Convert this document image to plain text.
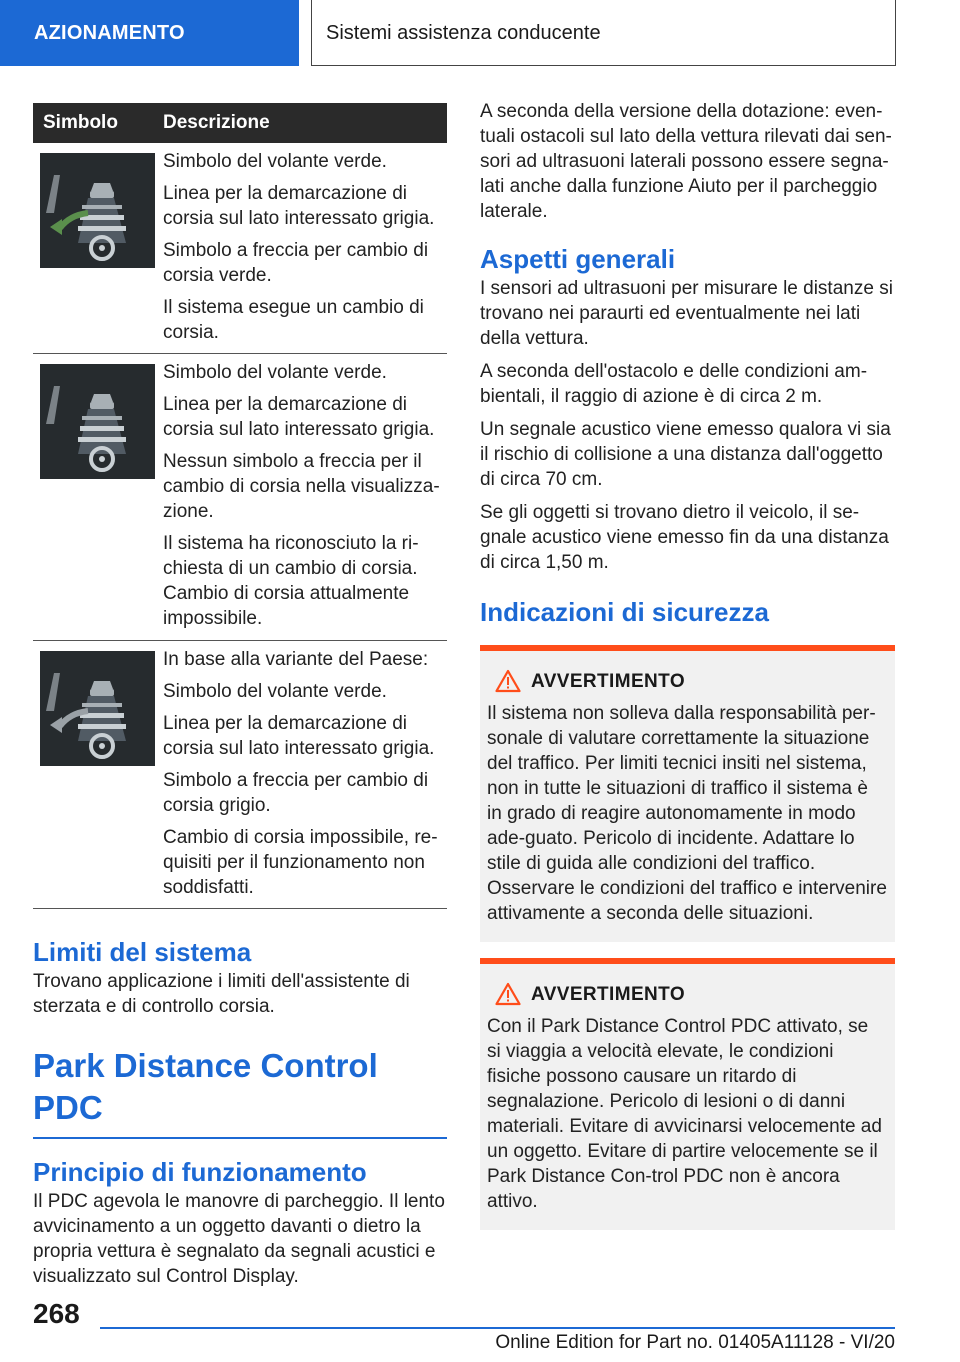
AZIONAMENTO	Sistemi assistenza conducente
Simbolo Descrizione

Simbolo del volante verde.

Linea per la demarcazione di corsia sul lato interessato grigia.

Simbolo a freccia per cambio di corsia verde.

Il sistema esegue un cambio di corsia.

Simbolo del volante verde.

Linea per la demarcazione di corsia sul lato interessato grigia.

Nessun simbolo a freccia per il cambio di corsia nella visualizza-zione.

Il sistema ha riconosciuto la ri-chiesta di un cambio di corsia. Cambio di corsia attualmente impossibile.

In base alla variante del Paese:

Simbolo del volante verde.

Linea per la demarcazione di corsia sul lato interessato grigia.

Simbolo a freccia per cambio di corsia grigio.

Cambio di corsia impossibile, re-quisiti per il funzionamento non soddisfatti.

Limiti del sistema

Trovano applicazione i limiti dell'assistente di sterzata e di controllo corsia.

Park Distance Control PDC
Principio di funzionamento

Il PDC agevola le manovre di parcheggio. Il lento avvicinamento a un oggetto davanti o dietro la propria vettura è segnalato da segnali acustici e visualizzato sul Control Display.

A seconda della versione della dotazione: even-tuali ostacoli sul lato della vettura rilevati dai sen-sori ad ultrasuoni laterali possono essere segna-lati anche dalla funzione Aiuto per il parcheggio laterale.

Aspetti generali

I sensori ad ultrasuoni per misurare le distanze si trovano nei paraurti ed eventualmente nei lati della vettura.

A seconda dell'ostacolo e delle condizioni am-bientali, il raggio di azione è di circa 2 m.

Un segnale acustico viene emesso qualora vi sia il rischio di collisione a una distanza dall'oggetto di circa 70 cm.

Se gli oggetti si trovano dietro il veicolo, il se-gnale acustico viene emesso fin da una distanza di circa 1,50 m.

Indicazioni di sicurezza
AVVERTIMENTO

Il sistema non solleva dalla responsabilità per-sonale di valutare correttamente la situazione del traffico. Per limiti tecnici insiti nel sistema, non in tutte le situazioni di traffico il sistema è in grado di reagire autonomamente in modo ade-guato. Pericolo di incidente. Adattare lo stile di guida alle condizioni del traffico. Osservare le condizioni del traffico e intervenire attivamente a seconda delle situazioni.

AVVERTIMENTO

Con il Park Distance Control PDC attivato, se si viaggia a velocità elevate, le condizioni fisiche possono causare un ritardo di segnalazione. Pericolo di lesioni o di danni materiali. Evitare di avvicinarsi velocemente ad un oggetto. Evitare di partire velocemente se il Park Distance Con-trol PDC non è ancora attivo.

268
Online Edition for Part no. 01405A11128 - VI/20
